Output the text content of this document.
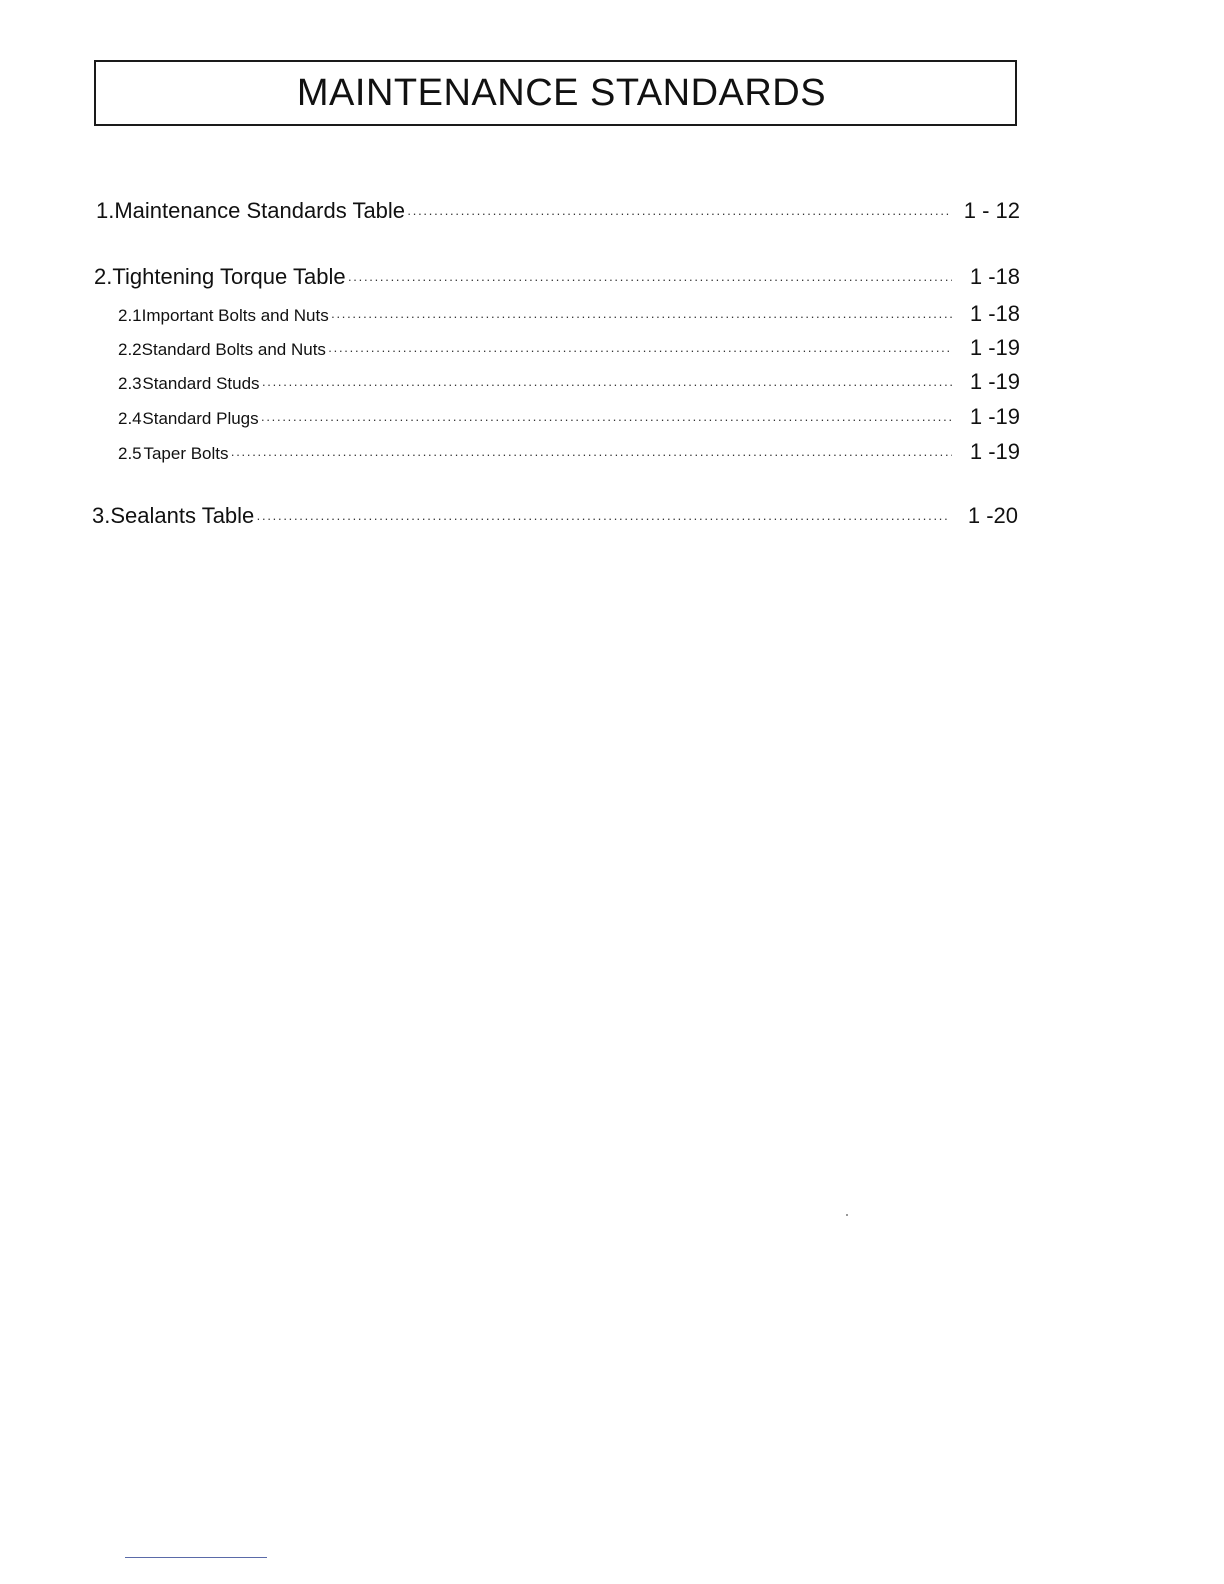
MAINTENANCE STANDARDS
1. Maintenance Standards Table ·····	1 - 12
2. Tightening Torque Table ·····	1 -18
2.1 Important Bolts and Nuts ·····	1 -18
2.2 Standard Bolts and Nuts ·····	1 -19
2.3 Standard Studs ·····	1 -19
2.4 Standard Plugs ·····	1 -19
2.5 Taper Bolts ·····	1 -19
3. Sealants Table ·····	1 -20
